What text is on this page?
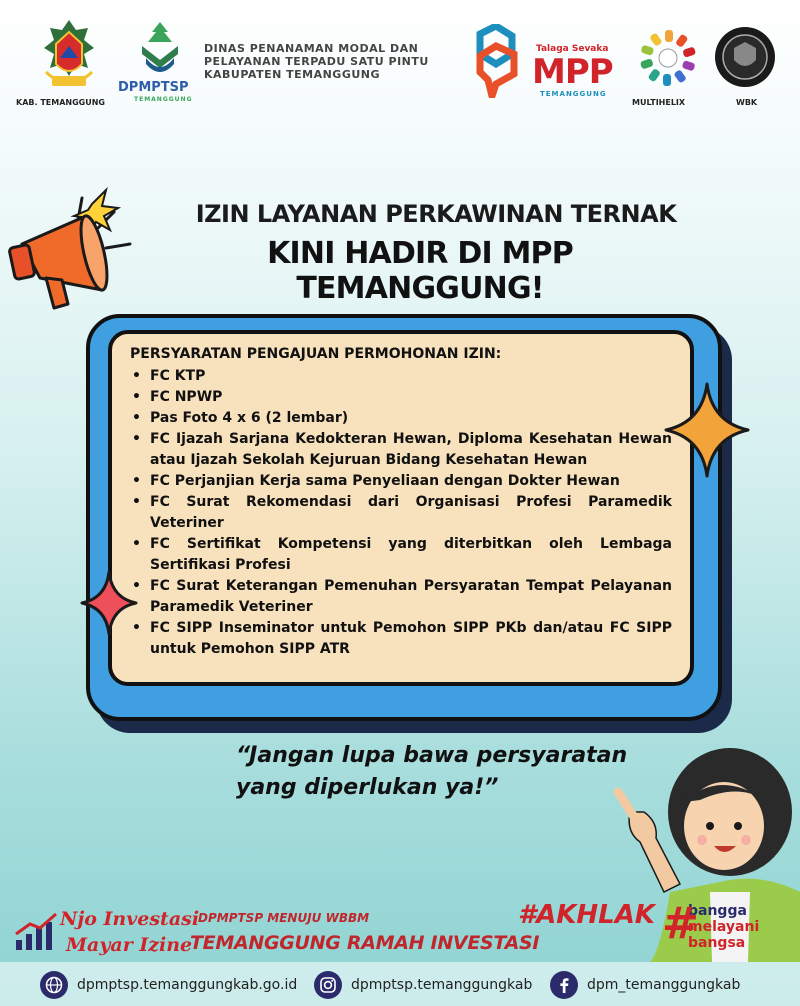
KAB. TEMANGGUNG
DPMPTSP
TEMANGGUNG
DINAS PENANAMAN MODAL DAN
PELAYANAN TERPADU SATU PINTU
KABUPATEN TEMANGGUNG
Talaga Sevaka
MPP
TEMANGGUNG
MULTIHELIX	WBK
IZIN LAYANAN PERKAWINAN TERNAK
KINI HADIR DI MPP TEMANGGUNG!
PERSYARATAN PENGAJUAN PERMOHONAN IZIN:
• FC KTP
• FC NPWP
• Pas Foto 4 x 6 (2 lembar)
• FC Ijazah Sarjana Kedokteran Hewan, Diploma Kesehatan Hewan atau Ijazah Sekolah Kejuruan Bidang Kesehatan Hewan
• FC Perjanjian Kerja sama Penyeliaan dengan Dokter Hewan
• FC Surat Rekomendasi dari Organisasi Profesi Paramedik Veteriner
• FC Sertifikat Kompetensi yang diterbitkan oleh Lembaga Sertifikasi Profesi
• FC Surat Keterangan Pemenuhan Persyaratan Tempat Pelayanan Paramedik Veteriner
• FC SIPP Inseminator untuk Pemohon SIPP PKb dan/atau FC SIPP untuk Pemohon SIPP ATR
“Jangan lupa bawa persyaratan
yang diperlukan ya!”
Njo Investasi
Mayar Izine
DPMPTSP MENUJU WBBM
TEMANGGUNG RAMAH INVESTASI
#AKHLAK bangga
melayani
bangsa
#
dpmptsp.temanggungkab.go.id	dpmptsp.temanggungkab	dpm_temanggungkab
